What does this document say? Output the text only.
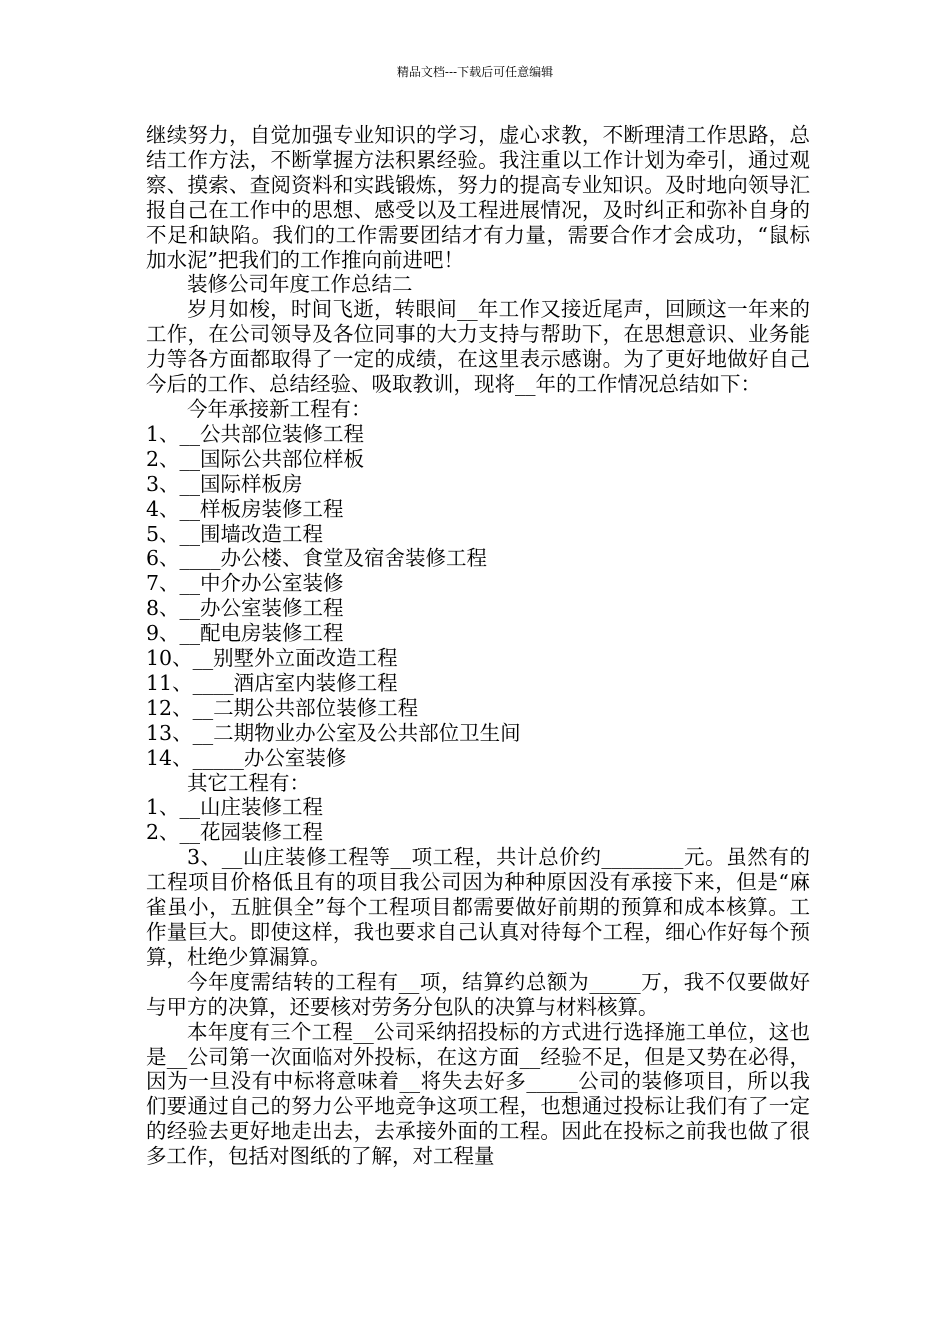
精品文档---下载后可任意编辑

继续努力，自觉加强专业知识的学习，虚心求教，不断理清工作思路，总结工作方法，不断掌握方法积累经验。我注重以工作计划为牵引，通过观察、摸索、查阅资料和实践锻炼，努力的提高专业知识。及时地向领导汇报自己在工作中的思想、感受以及工程进展情况，及时纠正和弥补自身的不足和缺陷。我们的工作需要团结才有力量，需要合作才会成功，“鼠标加水泥”把我们的工作推向前进吧！

装修公司年度工作总结二

岁月如梭，时间飞逝，转眼间__年工作又接近尾声，回顾这一年来的工作，在公司领导及各位同事的大力支持与帮助下，在思想意识、业务能力等各方面都取得了一定的成绩，在这里表示感谢。为了更好地做好自己今后的工作、总结经验、吸取教训，现将__年的工作情况总结如下：

今年承接新工程有：

1、__公共部位装修工程

2、__国际公共部位样板

3、__国际样板房

4、__样板房装修工程

5、__围墙改造工程

6、____办公楼、食堂及宿舍装修工程

7、__中介办公室装修

8、__办公室装修工程

9、__配电房装修工程

10、__别墅外立面改造工程

11、____酒店室内装修工程

12、__二期公共部位装修工程

13、__二期物业办公室及公共部位卫生间

14、_____办公室装修

其它工程有：

1、__山庄装修工程

2、__花园装修工程

3、__山庄装修工程等__项工程，共计总价约________元。虽然有的工程项目价格低且有的项目我公司因为种种原因没有承接下来，但是“麻雀虽小，五脏俱全”每个工程项目都需要做好前期的预算和成本核算。工作量巨大。即使这样，我也要求自己认真对待每个工程，细心作好每个预算，杜绝少算漏算。

今年度需结转的工程有__项，结算约总额为_____万，我不仅要做好与甲方的决算，还要核对劳务分包队的决算与材料核算。

本年度有三个工程__公司采纳招投标的方式进行选择施工单位，这也是__公司第一次面临对外投标，在这方面__经验不足，但是又势在必得，因为一旦没有中标将意味着__将失去好多_____公司的装修项目，所以我们要通过自己的努力公平地竞争这项工程，也想通过投标让我们有了一定的经验去更好地走出去，去承接外面的工程。因此在投标之前我也做了很多工作，包括对图纸的了解，对工程量
